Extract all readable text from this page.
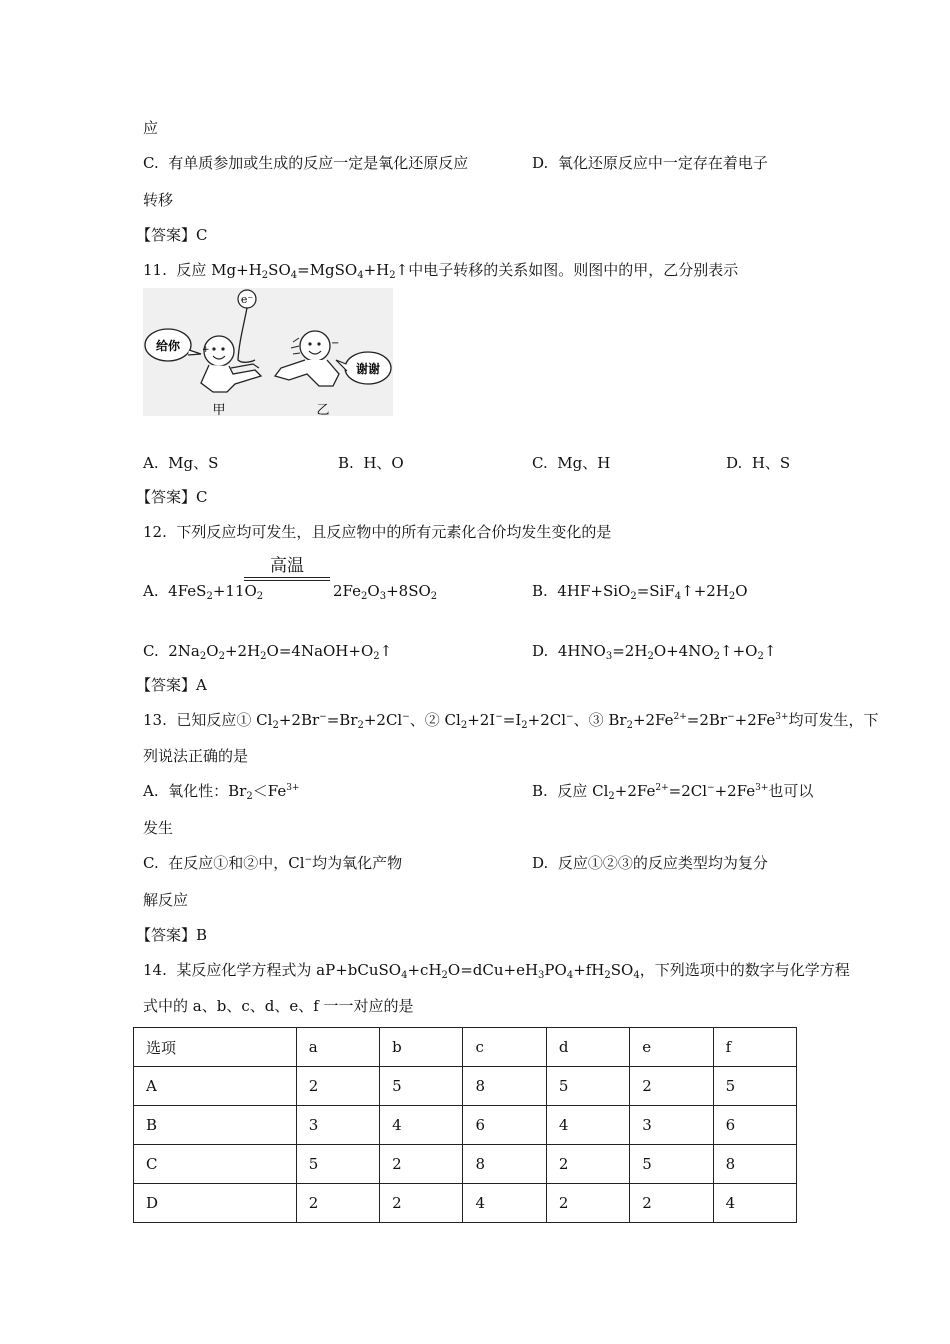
应
C. 有单质参加或生成的反应一定是氧化还原反应	D. 氧化还原反应中一定存在着电子
转移
【答案】C
11. 反应 $Mg+H_2SO_4=MgSO_4+H_2↑$中电子转移的关系如图。则图中的甲，乙分别表示
e⁻
给你 +
−
谢谢
甲	乙
A. Mg、S	B. H、O	C. Mg、H	D. H、S
【答案】C
12. 下列反应均可发生，且反应物中的所有元素化合价均发生变化的是
高温
A. $4FeS_2+11O_2$	$2Fe_2O_3+8SO_2$	B. $4HF+SiO_2=SiF_4↑+2H_2O$
C. $2Na_2O_2+2H_2O=4NaOH+O_2↑$	D. $4HNO_3=2H_2O+4NO_2↑+O_2↑$
【答案】A
13. 已知反应① $Cl_2+2Br^-=Br_2+2Cl^-$、② $Cl_2+2I^-=I_2+2Cl^-$、③ $Br_2+2Fe^{2+}=2Br^-+2Fe^{3+}$均可发生，下
列说法正确的是
A. 氧化性：$Br_2<Fe^{3+}$	B. 反应 $Cl_2+2Fe^{2+}=2Cl^-+2Fe^{3+}$也可以
发生
C. 在反应①和②中，Cl−均为氧化产物	D. 反应①②③的反应类型均为复分
解反应
【答案】B
14. 某反应化学方程式为 $aP+bCuSO_4+cH_2O=dCu+eH_3PO_4+fH_2SO_4$，下列选项中的数字与化学方程
式中的 a、b、c、d、e、f 一一对应的是
选项	a	b	c	d	e	f
A	2	5	8	5	2	5
B	3	4	6	4	3	6
C	5	2	8	2	5	8
D	2	2	4	2	2	4
